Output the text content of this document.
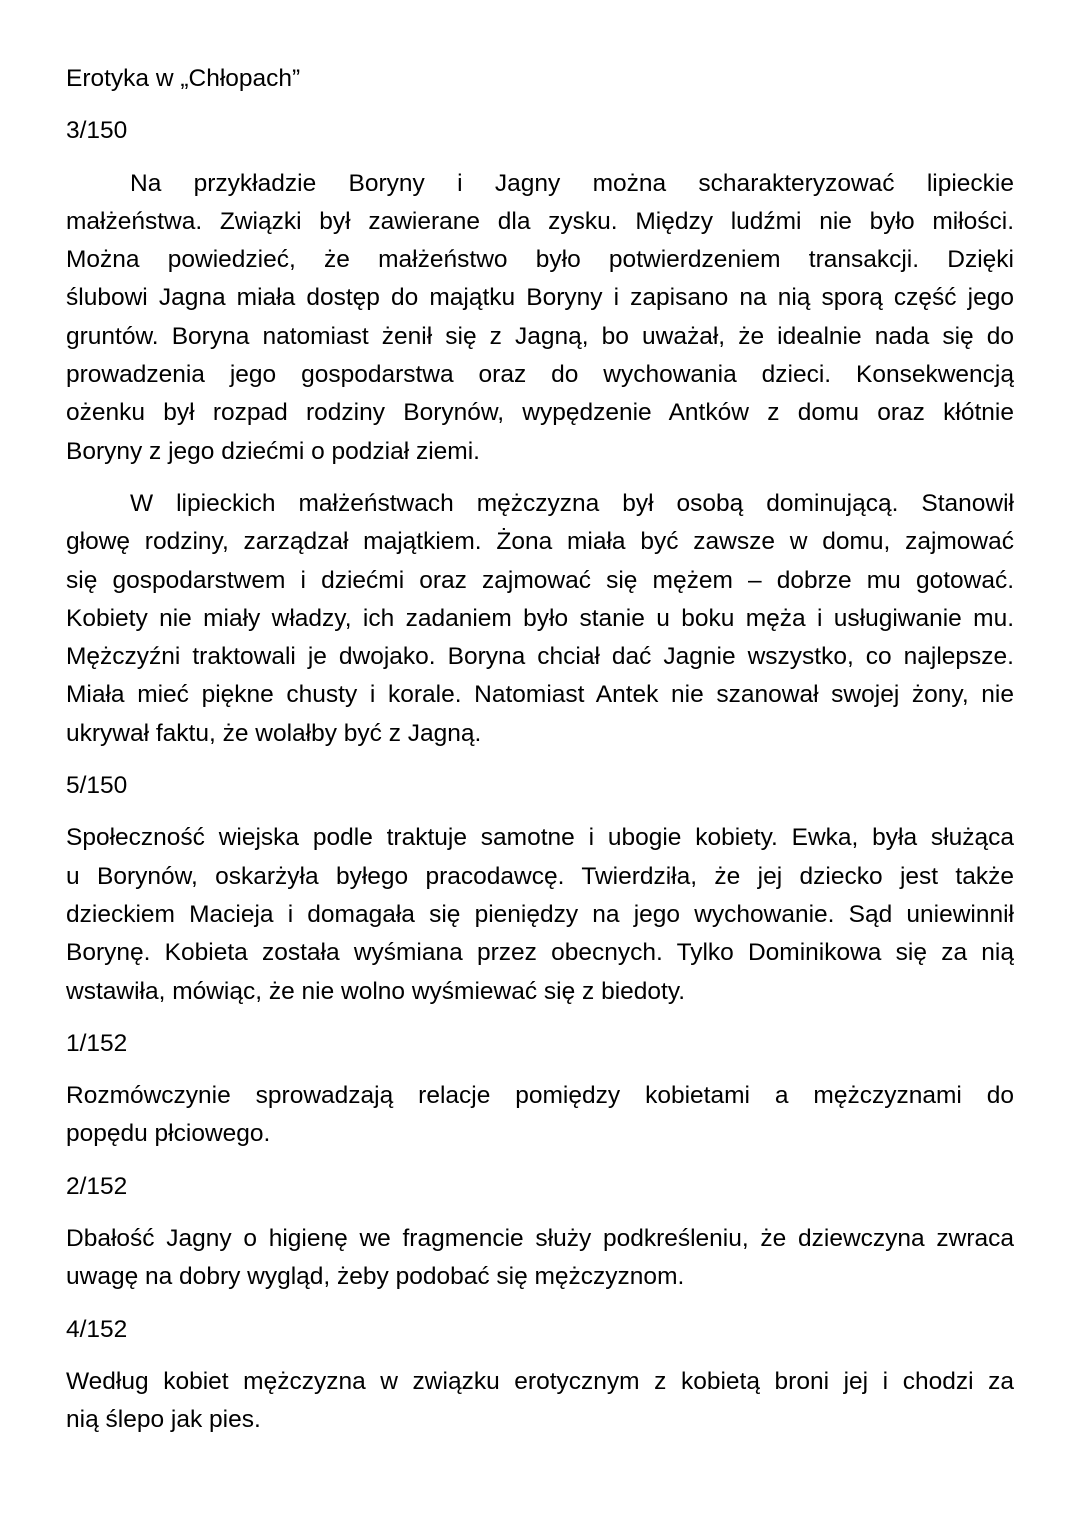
Erotyka w „Chłopach”
3/150
Na przykładzie Boryny i Jagny można scharakteryzować lipieckie
małżeństwa. Związki był zawierane dla zysku. Między ludźmi nie było miłości.
Można powiedzieć, że małżeństwo było potwierdzeniem transakcji. Dzięki
ślubowi Jagna miała dostęp do majątku Boryny i zapisano na nią sporą część jego
gruntów. Boryna natomiast żenił się z Jagną, bo uważał, że idealnie nada się do
prowadzenia jego gospodarstwa oraz do wychowania dzieci. Konsekwencją
ożenku był rozpad rodziny Borynów, wypędzenie Antków z domu oraz kłótnie
Boryny z jego dziećmi o podział ziemi.
W lipieckich małżeństwach mężczyzna był osobą dominującą. Stanowił
głowę rodziny, zarządzał majątkiem. Żona miała być zawsze w domu, zajmować
się gospodarstwem i dziećmi oraz zajmować się mężem – dobrze mu gotować.
Kobiety nie miały władzy, ich zadaniem było stanie u boku męża i usługiwanie mu.
Mężczyźni traktowali je dwojako. Boryna chciał dać Jagnie wszystko, co najlepsze.
Miała mieć piękne chusty i korale. Natomiast Antek nie szanował swojej żony, nie
ukrywał faktu, że wolałby być z Jagną.
5/150
Społeczność wiejska podle traktuje samotne i ubogie kobiety. Ewka, była służąca
u Borynów, oskarżyła byłego pracodawcę. Twierdziła, że jej dziecko jest także
dzieckiem Macieja i domagała się pieniędzy na jego wychowanie. Sąd uniewinnił
Borynę. Kobieta została wyśmiana przez obecnych. Tylko Dominikowa się za nią
wstawiła, mówiąc, że nie wolno wyśmiewać się z biedoty.
1/152
Rozmówczynie sprowadzają relacje pomiędzy kobietami a mężczyznami do
popędu płciowego.
2/152
Dbałość Jagny o higienę we fragmencie służy podkreśleniu, że dziewczyna zwraca
uwagę na dobry wygląd, żeby podobać się mężczyznom.
4/152
Według kobiet mężczyzna w związku erotycznym z kobietą broni jej i chodzi za
nią ślepo jak pies.
